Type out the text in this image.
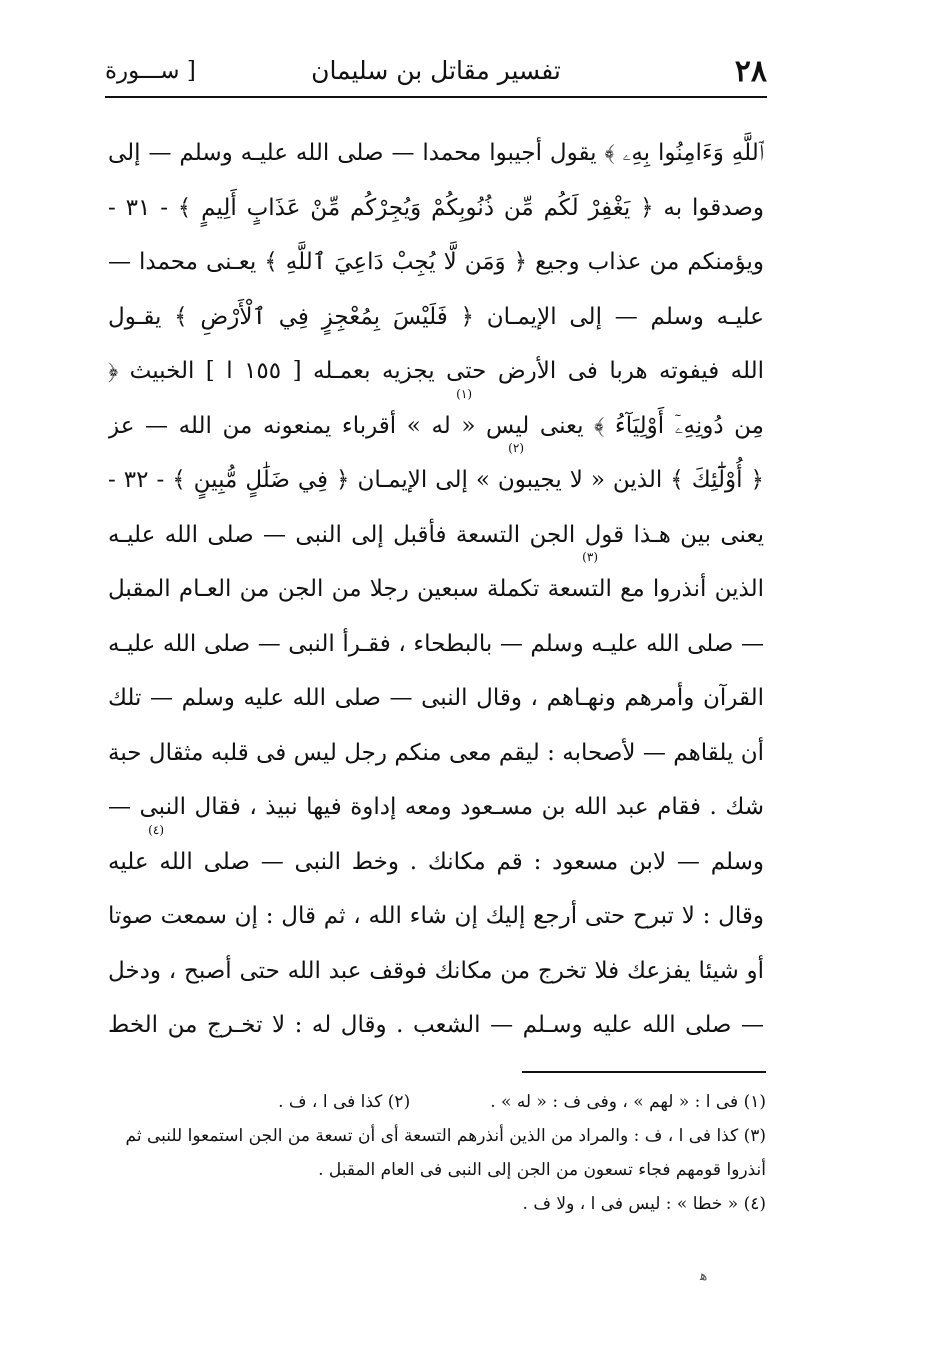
٢٨
تفسير مقاتل بن سليمان
[ ســـورة
ٱللَّهِ وَءَامِنُوا بِهِۦ ﴾ يقول أجيبوا محمدا — صلى الله عليـه وسلم — إلى
وصدقوا به ﴿ يَغْفِرْ لَكُم مِّن ذُنُوبِكُمْ وَيُجِرْكُم مِّنْ عَذَابٍ أَلِيمٍ ﴾ - ٣١ -
ويؤمنكم من عذاب وجيع ﴿ وَمَن لَّا يُجِبْ دَاعِيَ ٱللَّهِ ﴾ يعـنى محمدا —
عليـه وسلم — إلى الإيمـان ﴿ فَلَيْسَ بِمُعْجِزٍ فِي ٱلْأَرْضِ ﴾ يقـول
الله فيفوته هربا فى الأرض حتى يجزيه بعمـله [ ١٥٥ ا ] الخبيث ﴿
(١)
مِن دُونِهِۦٓ أَوْلِيَآءُ ﴾ يعنى ليس « له » أقرباء يمنعونه من الله — عز
(٢)
﴿ أُوْلَٰٓئِكَ ﴾ الذين « لا يجيبون » إلى الإيمـان ﴿ فِي ضَلَٰلٍ مُّبِينٍ ﴾ - ٣٢ -
يعنى بين هـذا قول الجن التسعة فأقبل إلى النبى — صلى الله عليـه
(٣)
الذين أنذروا مع التسعة تكملة سبعين رجلا من الجن من العـام المقبل
— صلى الله عليـه وسلم — بالبطحاء ، فقـرأ النبى — صلى الله عليـه
القرآن وأمرهم ونهـاهم ، وقال النبى — صلى الله عليه وسلم — تلك
أن يلقاهم — لأصحابه : ليقم معى منكم رجل ليس فى قلبه مثقال حبة
شك . فقام عبد الله بن مسـعود ومعه إداوة فيها نبيذ ، فقال النبى —
(٤)
وسلم — لابن مسعود : قم مكانك . وخط النبى — صلى الله عليه
وقال : لا تبرح حتى أرجع إليك إن شاء الله ، ثم قال : إن سمعت صوتا
أو شيئا يفزعك فلا تخرج من مكانك فوقف عبد الله حتى أصبح ، ودخل
— صلى الله عليه وسـلم — الشعب . وقال له : لا تخـرج من الخط
(١) فى ا : « لهم » ، وفى ف : « له » .(٢) كذا فى ا ، ف .
(٣) كذا فى ا ، ف : والمراد من الذين أنذرهم التسعة أى أن تسعة من الجن استمعوا للنبى ثم
أنذروا قومهم فجاء تسعون من الجن إلى النبى فى العام المقبل .
(٤) « خطا » : ليس فى ا ، ولا ف .
ﻫ
